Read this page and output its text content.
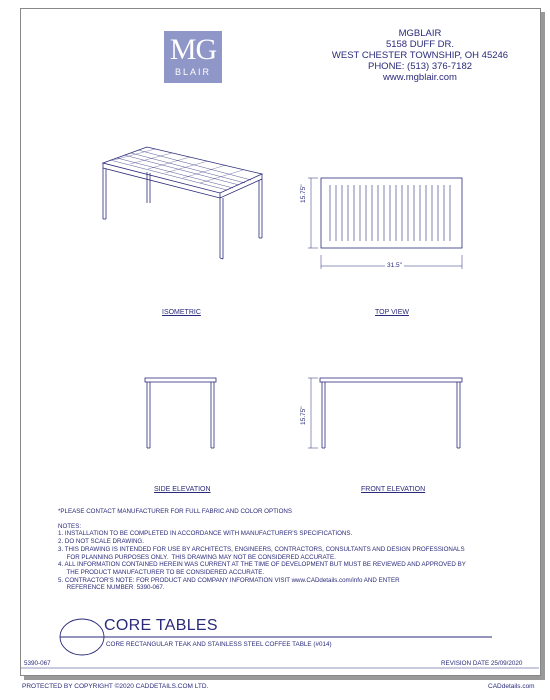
MG
BLAIR
MGBLAIR
5158 DUFF DR.
WEST CHESTER TOWNSHIP, OH 45246
PHONE: (513) 376-7182
www.mgblair.com
15.75"
31.5"
15.75"
ISOMETRIC	TOP VIEW
SIDE ELEVATION	FRONT ELEVATION

*PLEASE CONTACT MANUFACTURER FOR FULL FABRIC AND COLOR OPTIONS

NOTES:

1. INSTALLATION TO BE COMPLETED IN ACCORDANCE WITH MANUFACTURER'S SPECIFICATIONS.

2. DO NOT SCALE DRAWING.

3. THIS DRAWING IS INTENDED FOR USE BY ARCHITECTS, ENGINEERS, CONTRACTORS, CONSULTANTS AND DESIGN PROFESSIONALS

FOR PLANNING PURPOSES ONLY.  THIS DRAWING MAY NOT BE CONSIDERED ACCURATE.

4. ALL INFORMATION CONTAINED HEREIN WAS CURRENT AT THE TIME OF DEVELOPMENT BUT MUST BE REVIEWED AND APPROVED BY

THE PRODUCT MANUFACTURER TO BE CONSIDERED ACCURATE.

5. CONTRACTOR'S NOTE: FOR PRODUCT AND COMPANY INFORMATION VISIT www.CADdetails.com/info AND ENTER

REFERENCE NUMBER  5390-067.

CORE TABLES
CORE RECTANGULAR TEAK AND STAINLESS STEEL COFFEE TABLE (#014)
5390-067	REVISION DATE 25/09/2020
PROTECTED BY COPYRIGHT ©2020 CADDETAILS.COM LTD.	CADdetails.com
